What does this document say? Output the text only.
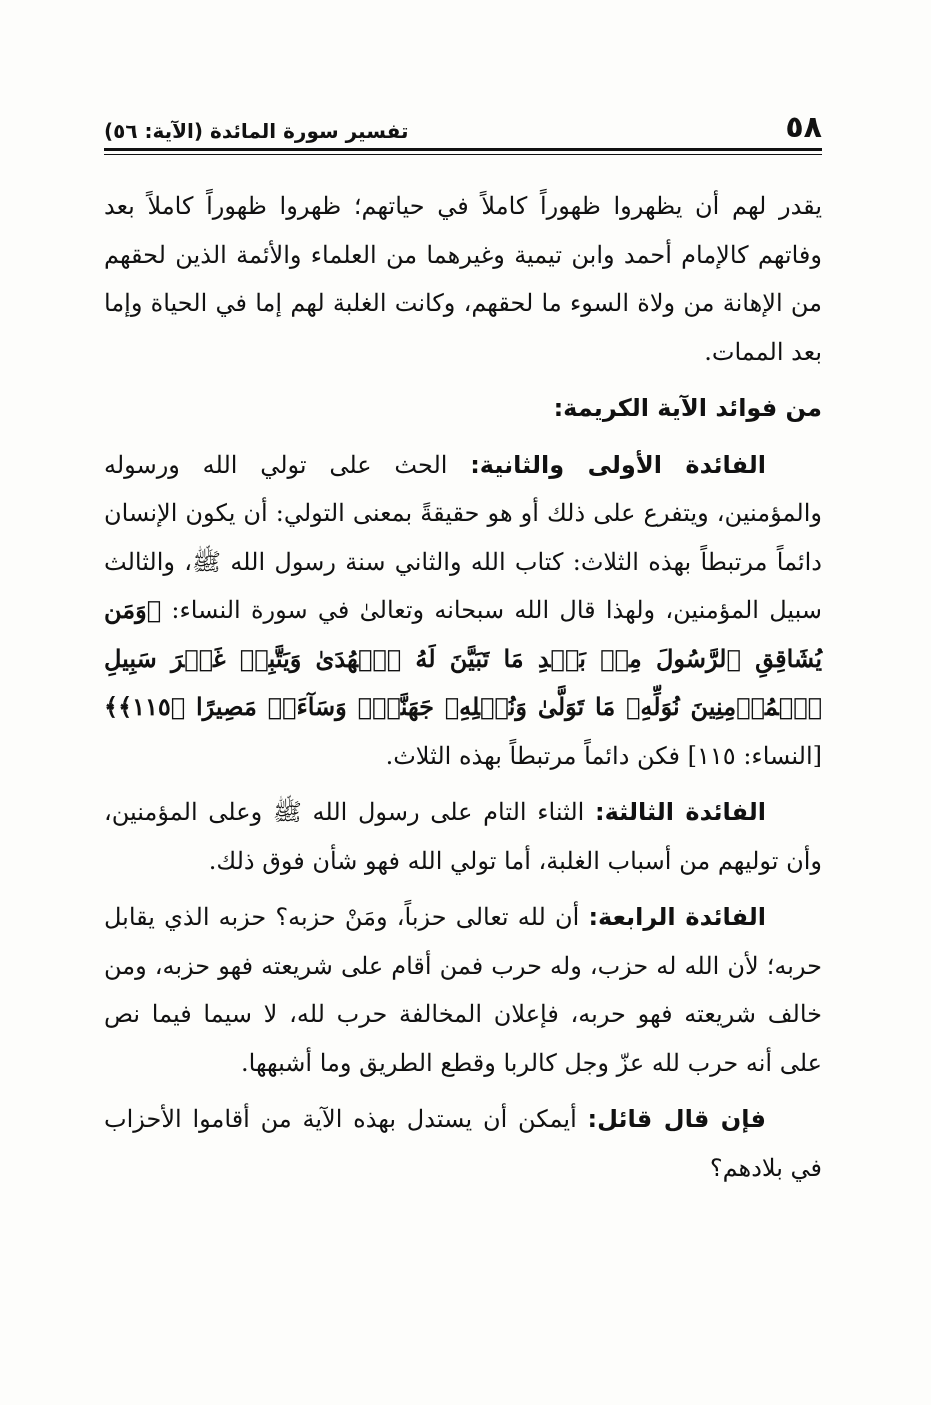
٥٨
تفسير سورة المائدة (الآية: ٥٦)

يقدر لهم أن يظهروا ظهوراً كاملاً في حياتهم؛ ظهروا ظهوراً كاملاً بعد وفاتهم كالإمام أحمد وابن تيمية وغيرهما من العلماء والأئمة الذين لحقهم من الإهانة من ولاة السوء ما لحقهم، وكانت الغلبة لهم إما في الحياة وإما بعد الممات.

من فوائد الآية الكريمة:

الفائدة الأولى والثانية: الحث على تولي الله ورسوله والمؤمنين، ويتفرع على ذلك أو هو حقيقةً بمعنى التولي: أن يكون الإنسان دائماً مرتبطاً بهذه الثلاث: كتاب الله والثاني سنة رسول الله ﷺ، والثالث سبيل المؤمنين، ولهذا قال الله سبحانه وتعالىٰ في سورة النساء: ﴿وَمَن يُشَاقِقِ ٱلرَّسُولَ مِنۢ بَعۡدِ مَا تَبَيَّنَ لَهُ ٱلۡهُدَىٰ وَيَتَّبِعۡ غَيۡرَ سَبِيلِ ٱلۡمُؤۡمِنِينَ نُوَلِّهِۦ مَا تَوَلَّىٰ وَنُصۡلِهِۦ جَهَنَّمَۖ وَسَآءَتۡ مَصِيرًا ﴿١١٥﴾﴾ [النساء: ١١٥] فكن دائماً مرتبطاً بهذه الثلاث.

الفائدة الثالثة: الثناء التام على رسول الله ﷺ وعلى المؤمنين، وأن توليهم من أسباب الغلبة، أما تولي الله فهو شأن فوق ذلك.

الفائدة الرابعة: أن لله تعالى حزباً، ومَنْ حزبه؟ حزبه الذي يقابل حربه؛ لأن الله له حزب، وله حرب فمن أقام على شريعته فهو حزبه، ومن خالف شريعته فهو حربه، فإعلان المخالفة حرب لله، لا سيما فيما نص على أنه حرب لله عزّ وجل كالربا وقطع الطريق وما أشبهها.

فإن قال قائل: أيمكن أن يستدل بهذه الآية من أقاموا الأحزاب في بلادهم؟
